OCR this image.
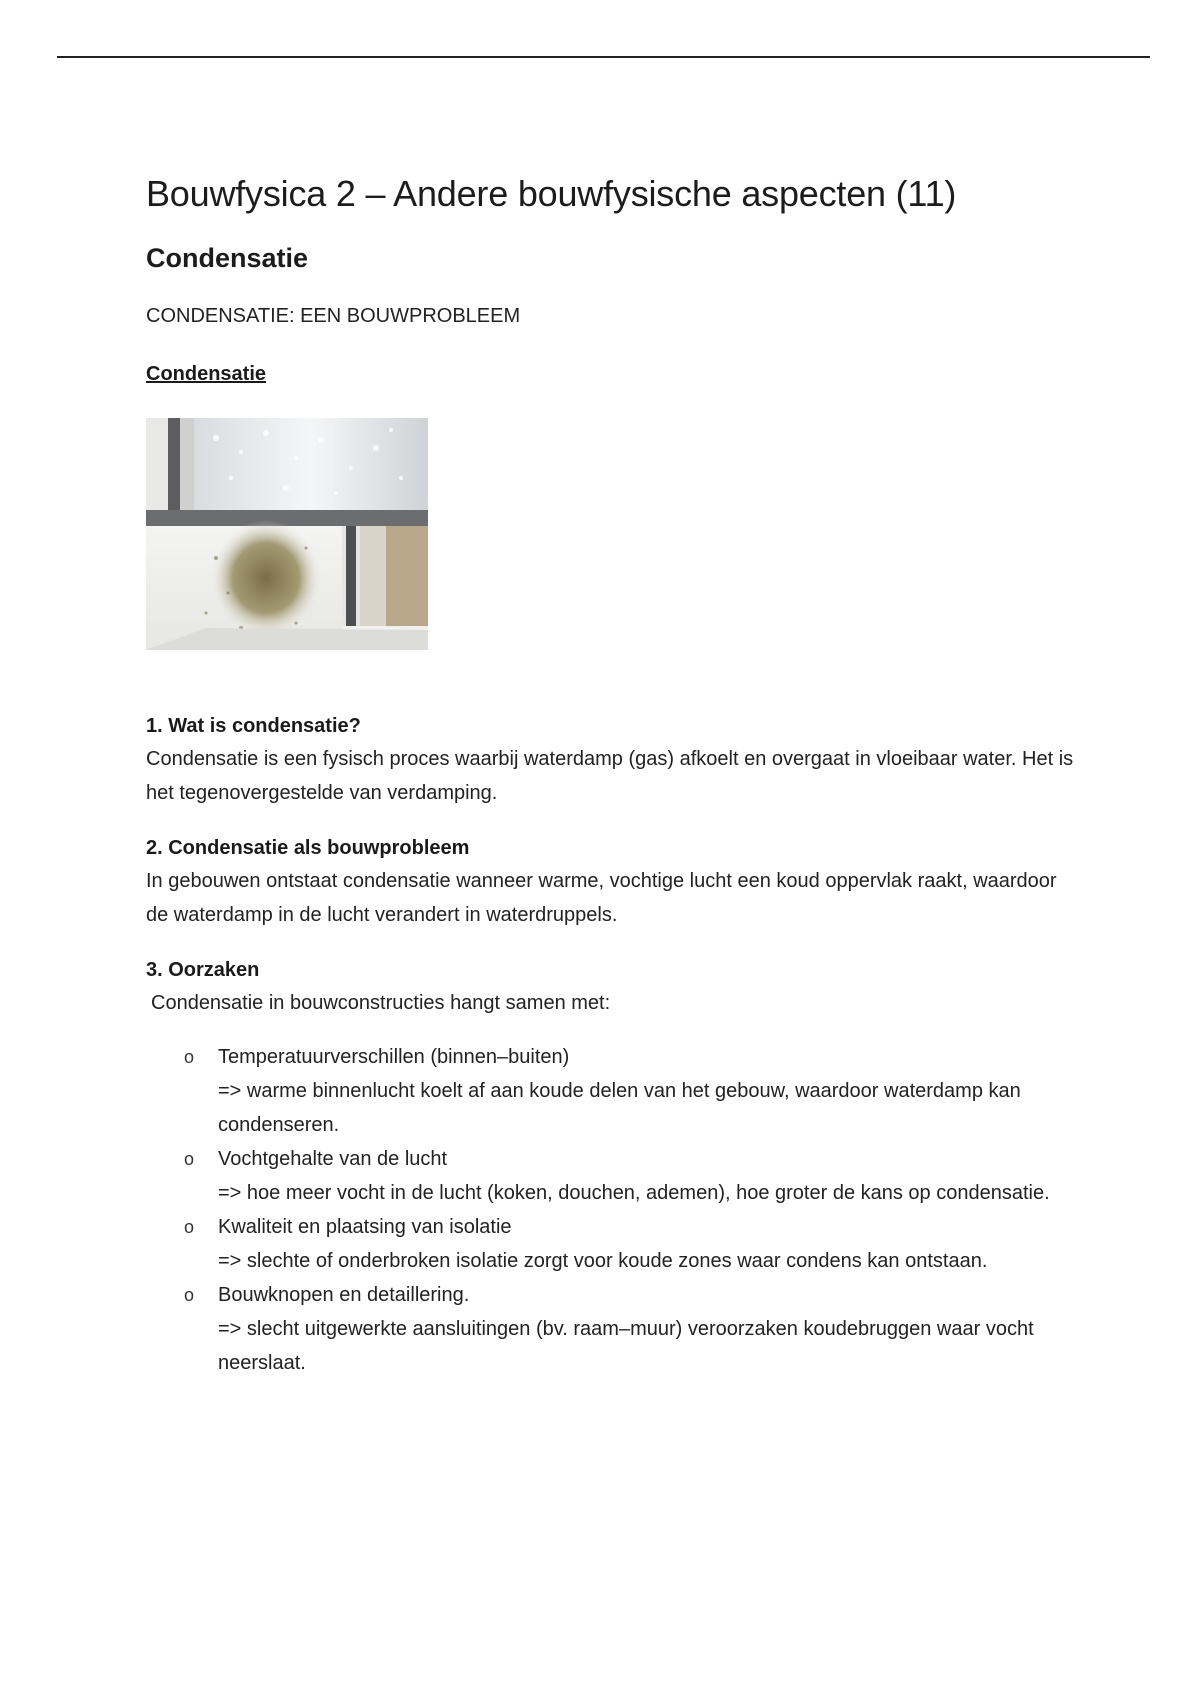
Bouwfysica 2 – Andere bouwfysische aspecten (11)
Condensatie

CONDENSATIE: EEN BOUWPROBLEEM

Condensatie

1. Wat is condensatie?

Condensatie is een fysisch proces waarbij waterdamp (gas) afkoelt en overgaat in vloeibaar water. Het is het tegenovergestelde van verdamping.

2. Condensatie als bouwprobleem

In gebouwen ontstaat condensatie wanneer warme, vochtige lucht een koud oppervlak raakt, waardoor de waterdamp in de lucht verandert in waterdruppels.

3. Oorzaken

Condensatie in bouwconstructies hangt samen met:

o Temperatuurverschillen (binnen–buiten)
=> warme binnenlucht koelt af aan koude delen van het gebouw, waardoor waterdamp kan condenseren.
o Vochtgehalte van de lucht
=> hoe meer vocht in de lucht (koken, douchen, ademen), hoe groter de kans op condensatie.
o Kwaliteit en plaatsing van isolatie
=> slechte of onderbroken isolatie zorgt voor koude zones waar condens kan ontstaan.
o Bouwknopen en detaillering.
=> slecht uitgewerkte aansluitingen (bv. raam–muur) veroorzaken koudebruggen waar vocht neerslaat.
